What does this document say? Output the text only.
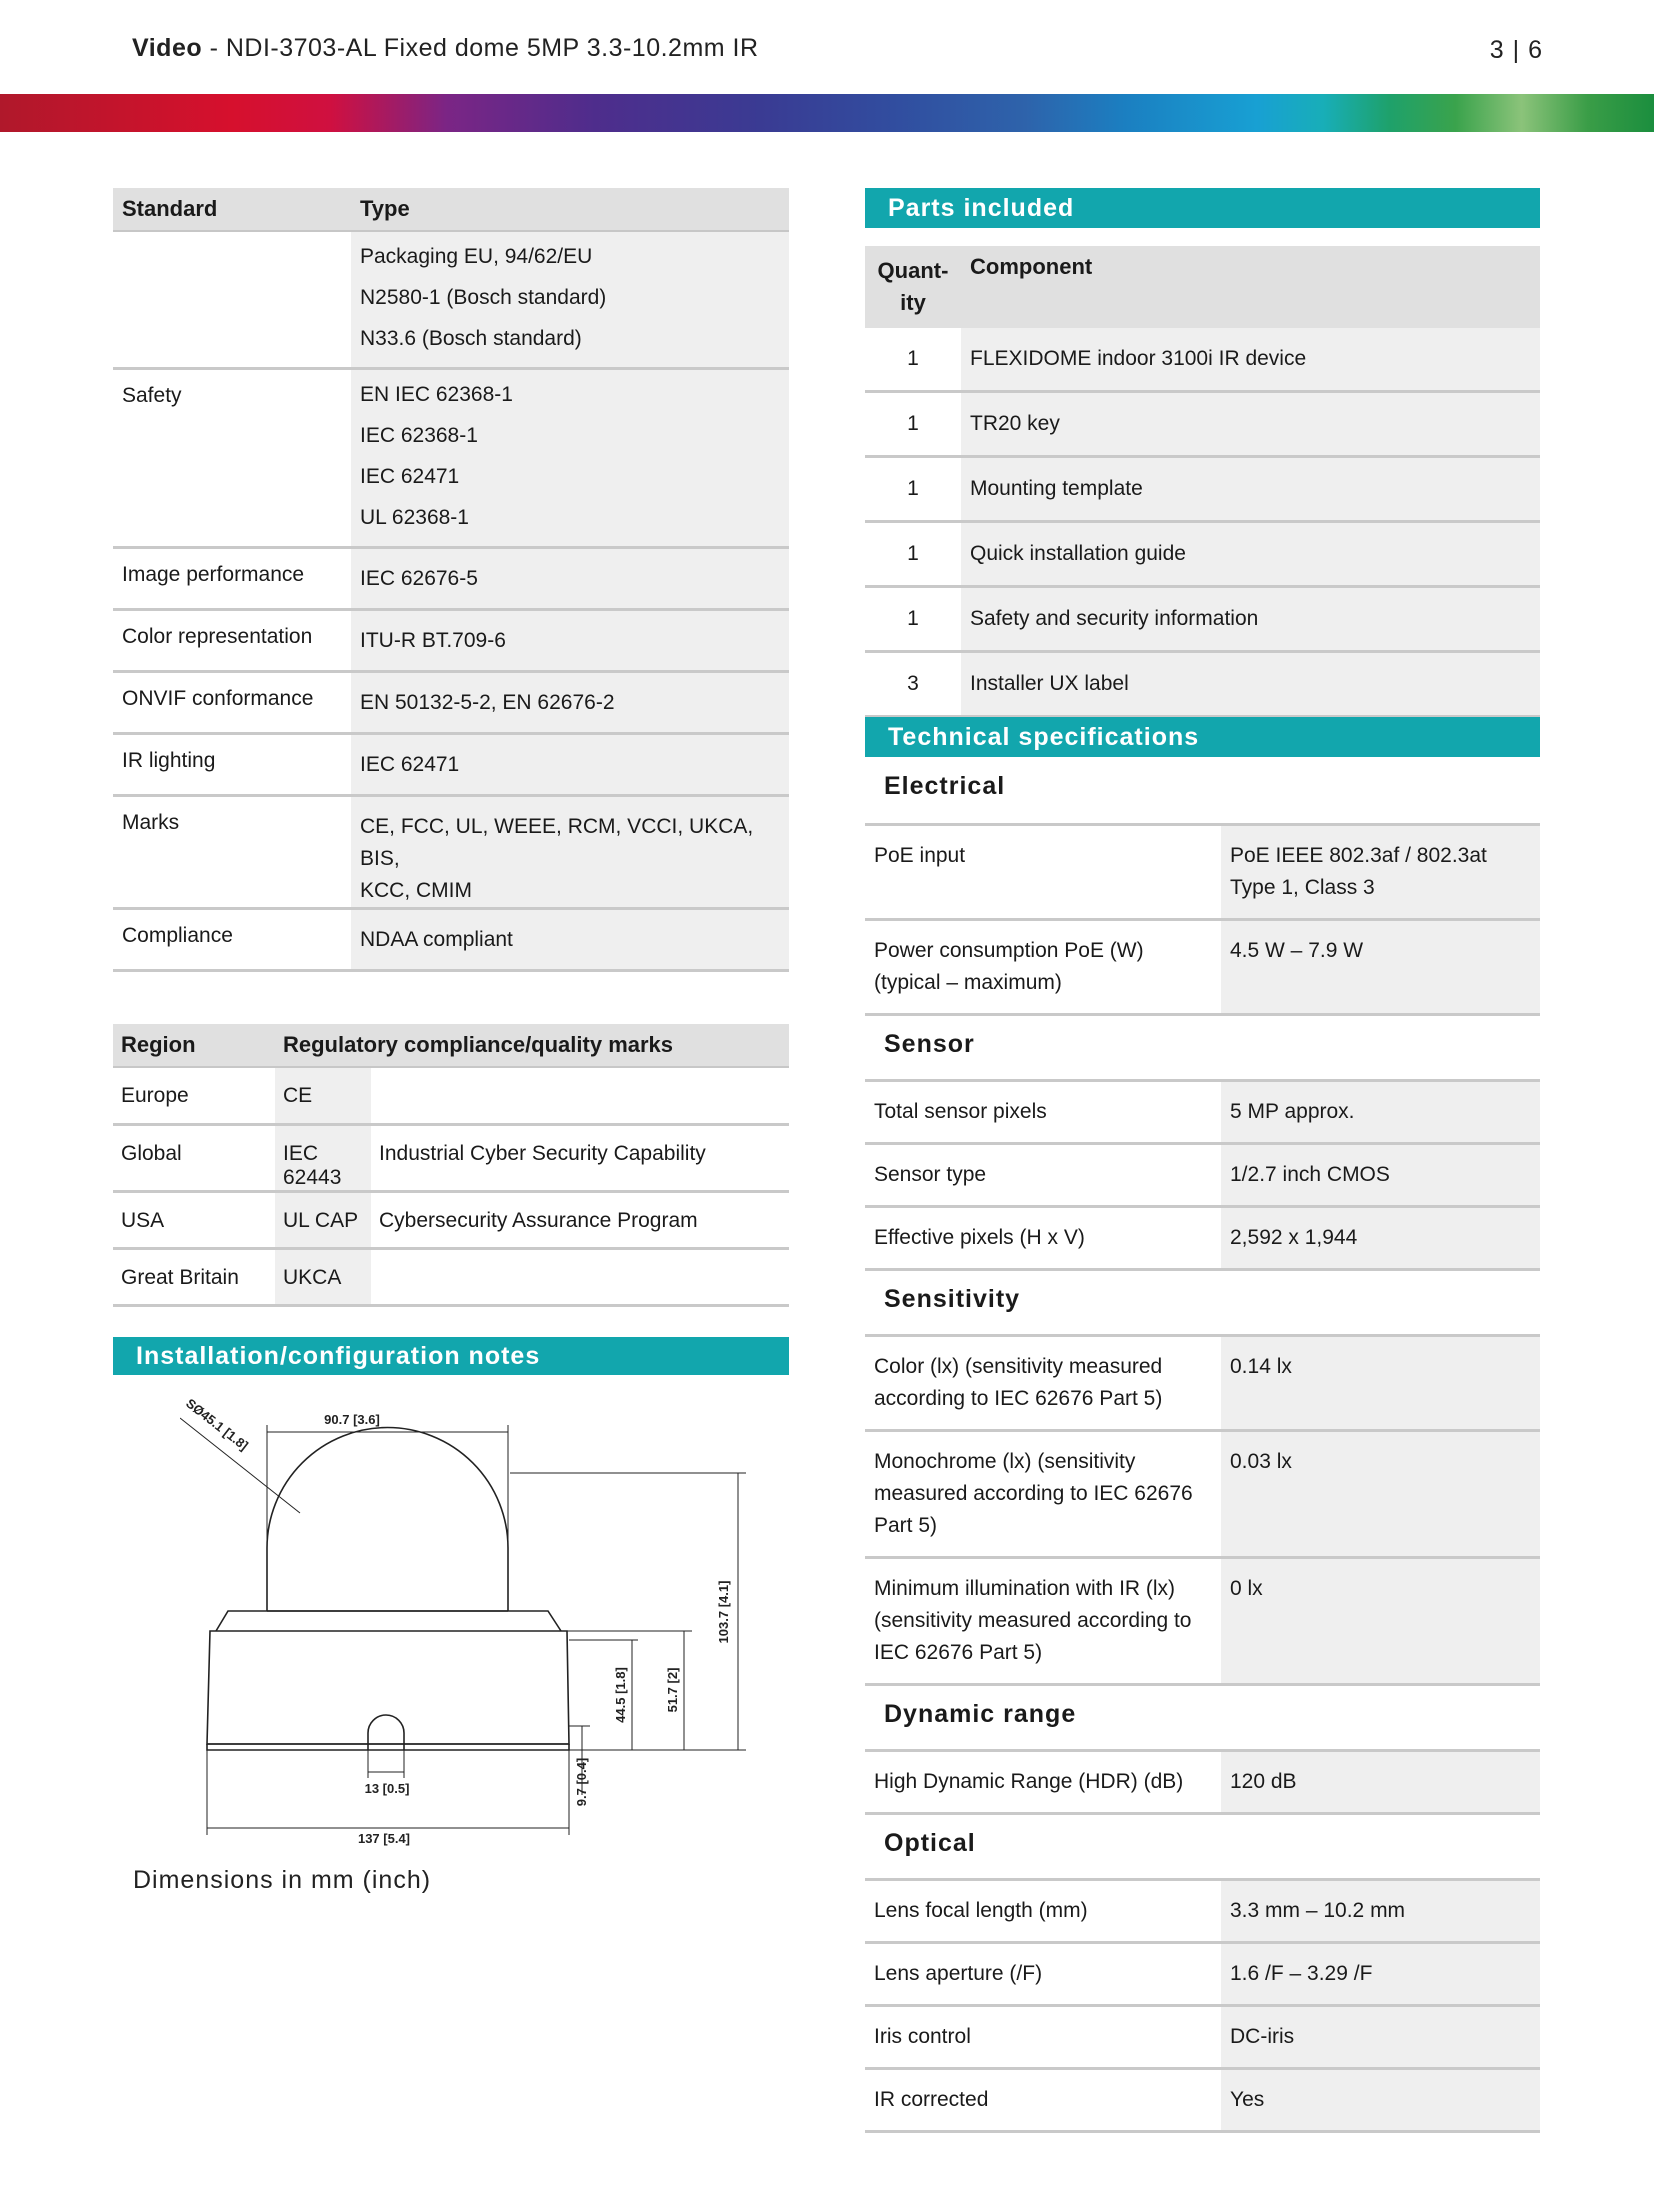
Video - NDI-3703-AL Fixed dome 5MP 3.3-10.2mm IR	3 | 6
Standard	Type

	Packaging EU, 94/62/EU
N2580-1 (Bosch standard)
N33.6 (Bosch standard)

Safety	EN IEC 62368-1
IEC 62368-1
IEC 62471
UL 62368-1

Image performance	IEC 62676-5
Color representation	ITU-R BT.709-6
ONVIF conformance	EN 50132-5-2, EN 62676-2
IR lighting	IEC 62471
Marks	CE, FCC, UL, WEEE, RCM, VCCI, UKCA, BIS,
KCC, CMIM

Compliance	NDAA compliant
Region	Regulatory compliance/quality marks	
Europe	CE	
Global	IEC 62443	Industrial Cyber Security Capability
USA	UL CAP	Cybersecurity Assurance Program
Great Britain	UKCA	
Installation/configuration notes
90.7 [3.6]
SØ45.1 [1.8]
103.7 [4.1]
51.7 [2]
44.5 [1.8]
9.7 [0.4]
13 [0.5]
137 [5.4]
Dimensions in mm (inch)
Parts included
Quant-
ity	Component
1	FLEXIDOME indoor 3100i IR device
1	TR20 key
1	Mounting template
1	Quick installation guide
1	Safety and security information
3	Installer UX label
Technical specifications
Electrical	
PoE input	PoE IEEE 802.3af / 802.3at Type 1, Class 3
Power consumption PoE (W) (typical – maximum)	4.5 W – 7.9 W
Sensor	
Total sensor pixels	5 MP approx.
Sensor type	1/2.7 inch CMOS
Effective pixels (H x V)	2,592 x 1,944
Sensitivity	
Color (lx) (sensitivity measured according to IEC 62676 Part 5)	0.14 lx
Monochrome (lx) (sensitivity measured according to IEC 62676 Part 5)	0.03 lx
Minimum illumination with IR (lx) (sensitivity measured according to IEC 62676 Part 5)	0 lx
Dynamic range	
High Dynamic Range (HDR) (dB)	120 dB
Optical	
Lens focal length (mm)	3.3 mm – 10.2 mm
Lens aperture (/F)	1.6 /F – 3.29 /F
Iris control	DC-iris
IR corrected	Yes
